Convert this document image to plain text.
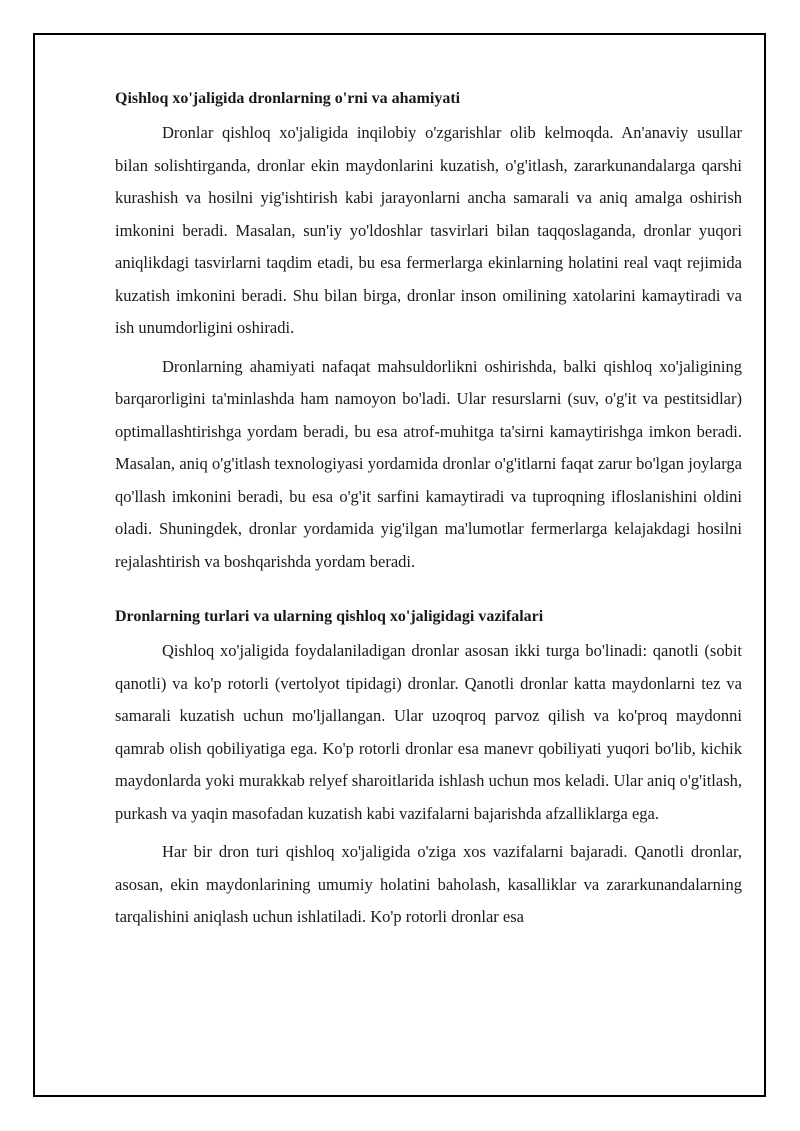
Qishloq xo'jaligida dronlarning o'rni va ahamiyati

Dronlar qishloq xo'jaligida inqilobiy o'zgarishlar olib kelmoqda. An'anaviy usullar bilan solishtirganda, dronlar ekin maydonlarini kuzatish, o'g'itlash, zararkunandalarga qarshi kurashish va hosilni yig'ishtirish kabi jarayonlarni ancha samarali va aniq amalga oshirish imkonini beradi. Masalan, sun'iy yo'ldoshlar tasvirlari bilan taqqoslaganda, dronlar yuqori aniqlikdagi tasvirlarni taqdim etadi, bu esa fermerlarga ekinlarning holatini real vaqt rejimida kuzatish imkonini beradi. Shu bilan birga, dronlar inson omilining xatolarini kamaytiradi va ish unumdorligini oshiradi.

Dronlarning ahamiyati nafaqat mahsuldorlikni oshirishda, balki qishloq xo'jaligining barqarorligini ta'minlashda ham namoyon bo'ladi. Ular resurslarni (suv, o'g'it va pestitsidlar) optimallashtirishga yordam beradi, bu esa atrof-muhitga ta'sirni kamaytirishga imkon beradi. Masalan, aniq o'g'itlash texnologiyasi yordamida dronlar o'g'itlarni faqat zarur bo'lgan joylarga qo'llash imkonini beradi, bu esa o'g'it sarfini kamaytiradi va tuproqning ifloslanishini oldini oladi. Shuningdek, dronlar yordamida yig'ilgan ma'lumotlar fermerlarga kelajakdagi hosilni rejalashtirish va boshqarishda yordam beradi.

Dronlarning turlari va ularning qishloq xo'jaligidagi vazifalari

Qishloq xo'jaligida foydalaniladigan dronlar asosan ikki turga bo'linadi: qanotli (sobit qanotli) va ko'p rotorli (vertolyot tipidagi) dronlar. Qanotli dronlar katta maydonlarni tez va samarali kuzatish uchun mo'ljallangan. Ular uzoqroq parvoz qilish va ko'proq maydonni qamrab olish qobiliyatiga ega. Ko'p rotorli dronlar esa manevr qobiliyati yuqori bo'lib, kichik maydonlarda yoki murakkab relyef sharoitlarida ishlash uchun mos keladi. Ular aniq o'g'itlash, purkash va yaqin masofadan kuzatish kabi vazifalarni bajarishda afzalliklarga ega.

Har bir dron turi qishloq xo'jaligida o'ziga xos vazifalarni bajaradi. Qanotli dronlar, asosan, ekin maydonlarining umumiy holatini baholash, kasalliklar va zararkunandalarning tarqalishini aniqlash uchun ishlatiladi. Ko'p rotorli dronlar esa
